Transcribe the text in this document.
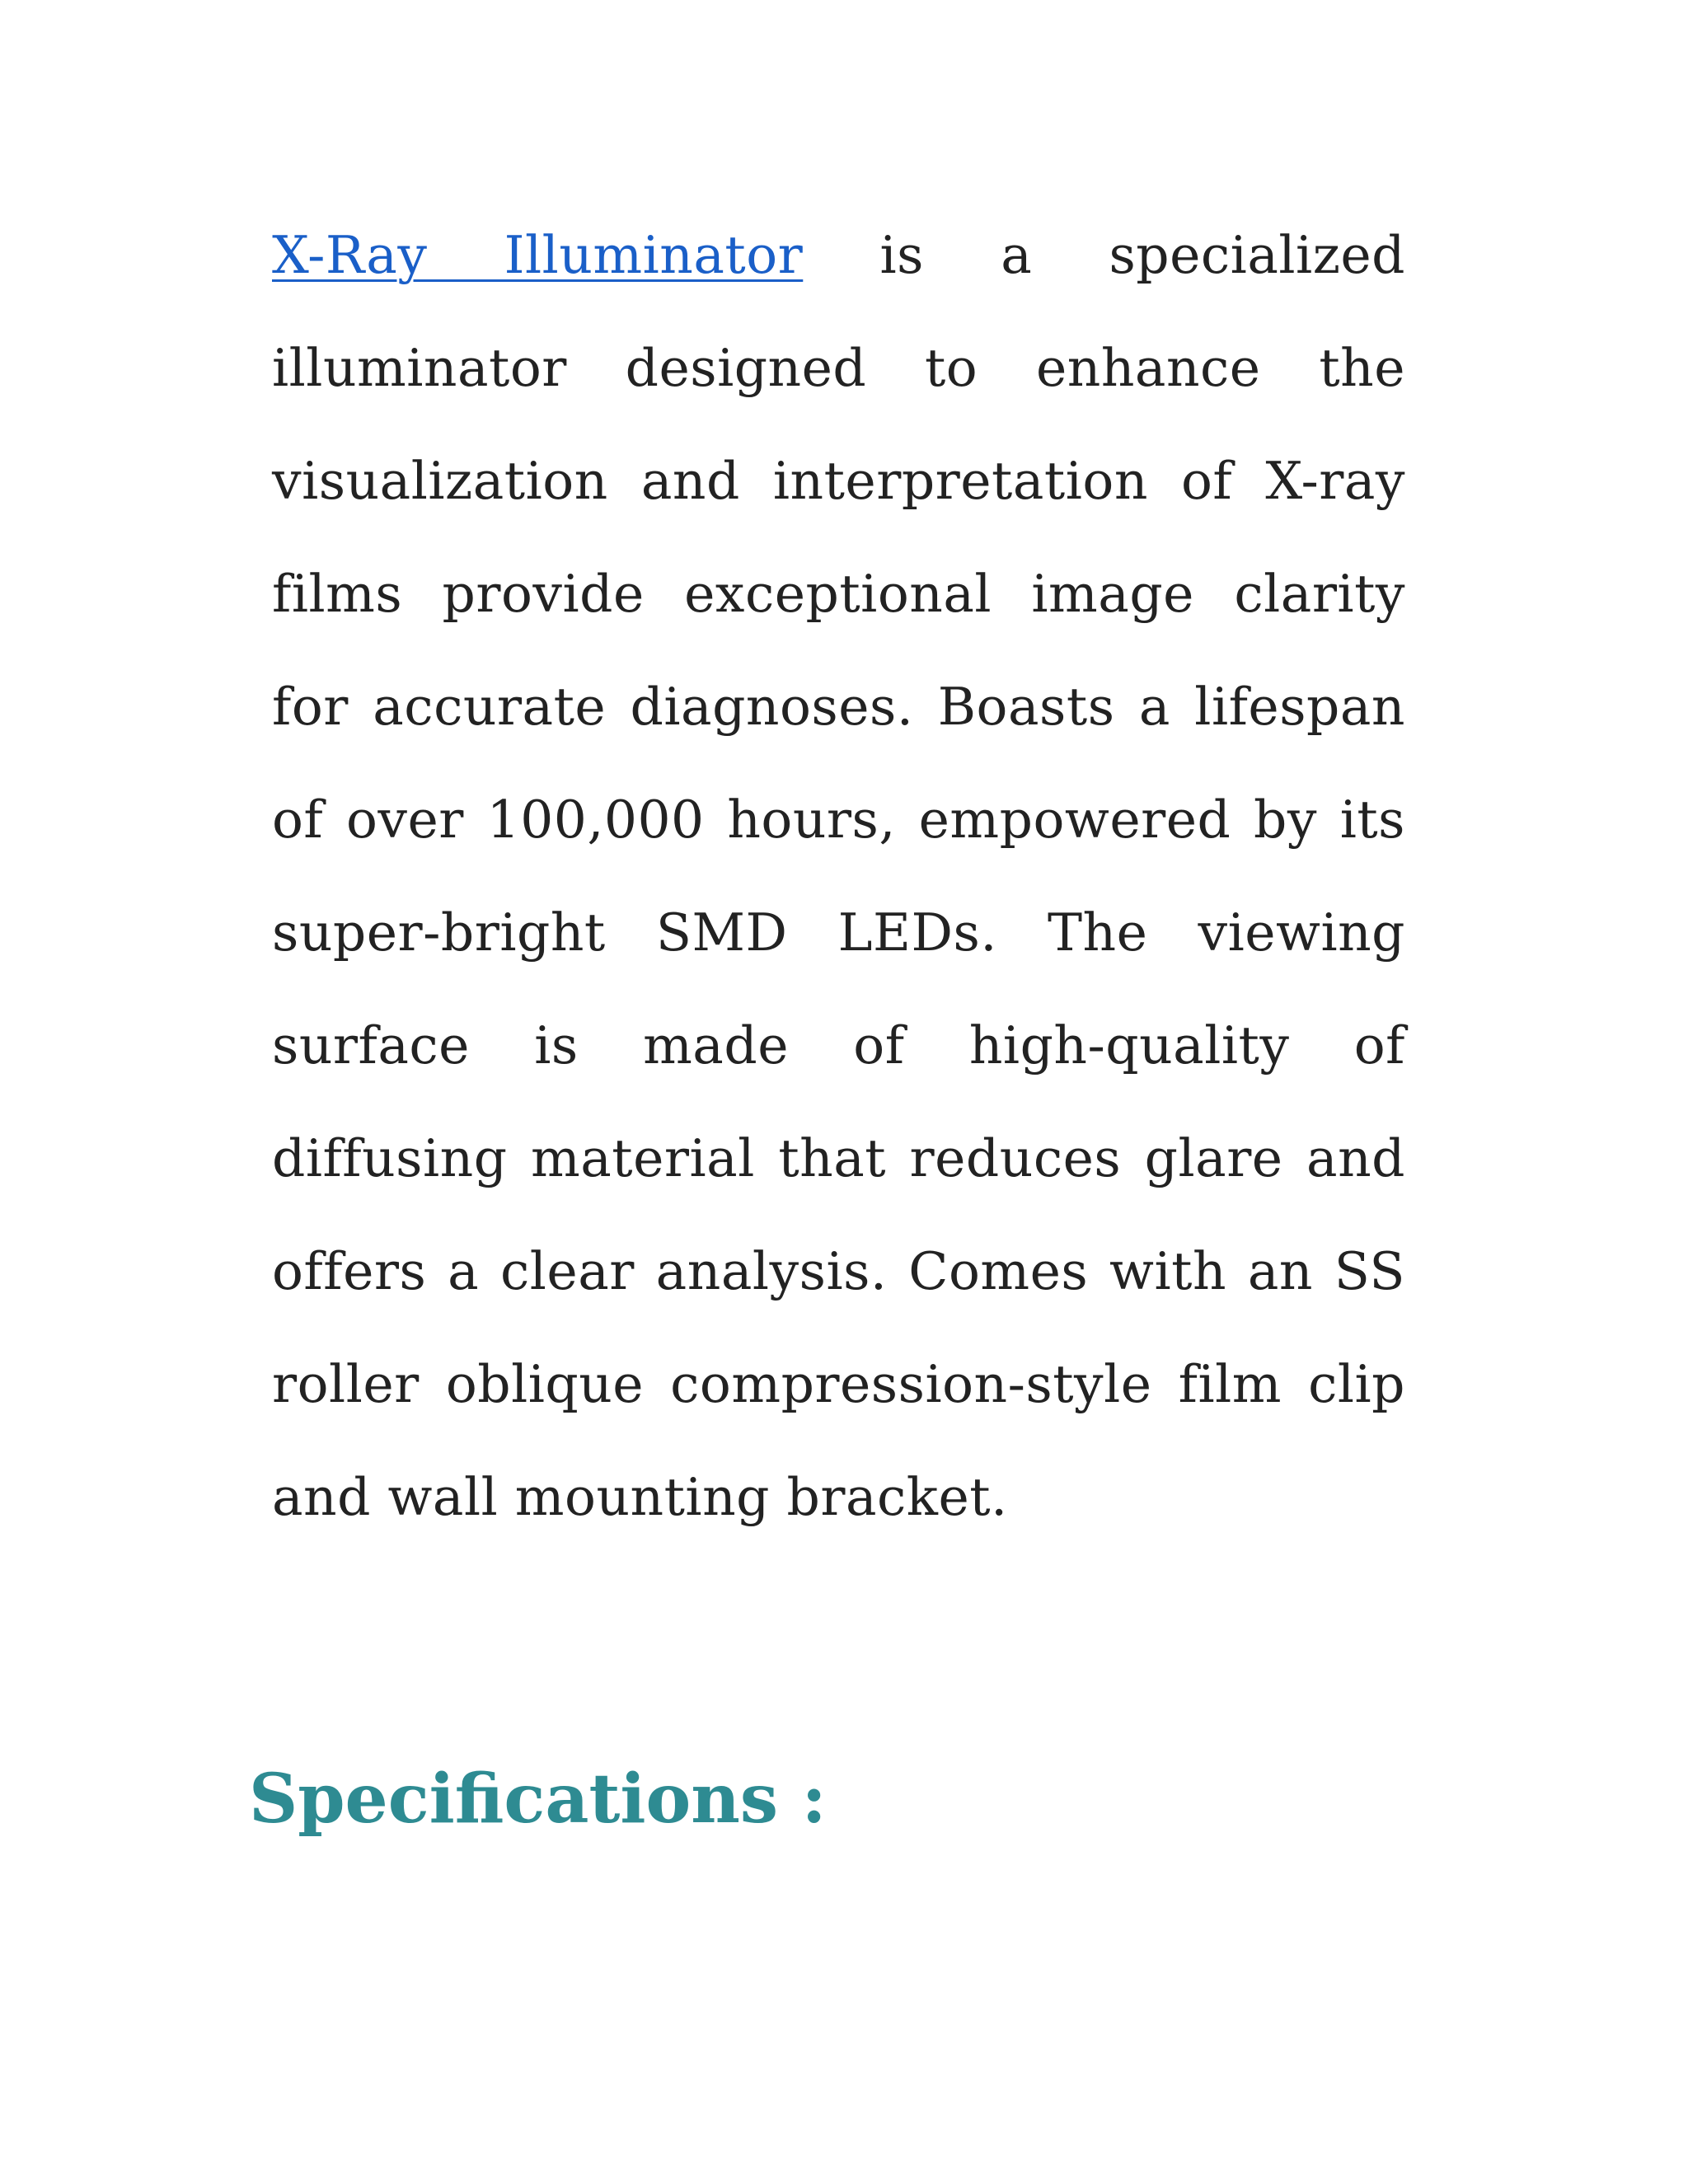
X-Ray Illuminator is a specialized illuminator designed to enhance the visualization and interpretation of X-ray films provide exceptional image clarity for accurate diagnoses. Boasts a lifespan of over 100,000 hours, empowered by its super-bright SMD LEDs. The viewing surface is made of high-quality of diffusing material that reduces glare and offers a clear analysis. Comes with an SS roller oblique compression-style film clip and wall mounting bracket.

Specifications :
